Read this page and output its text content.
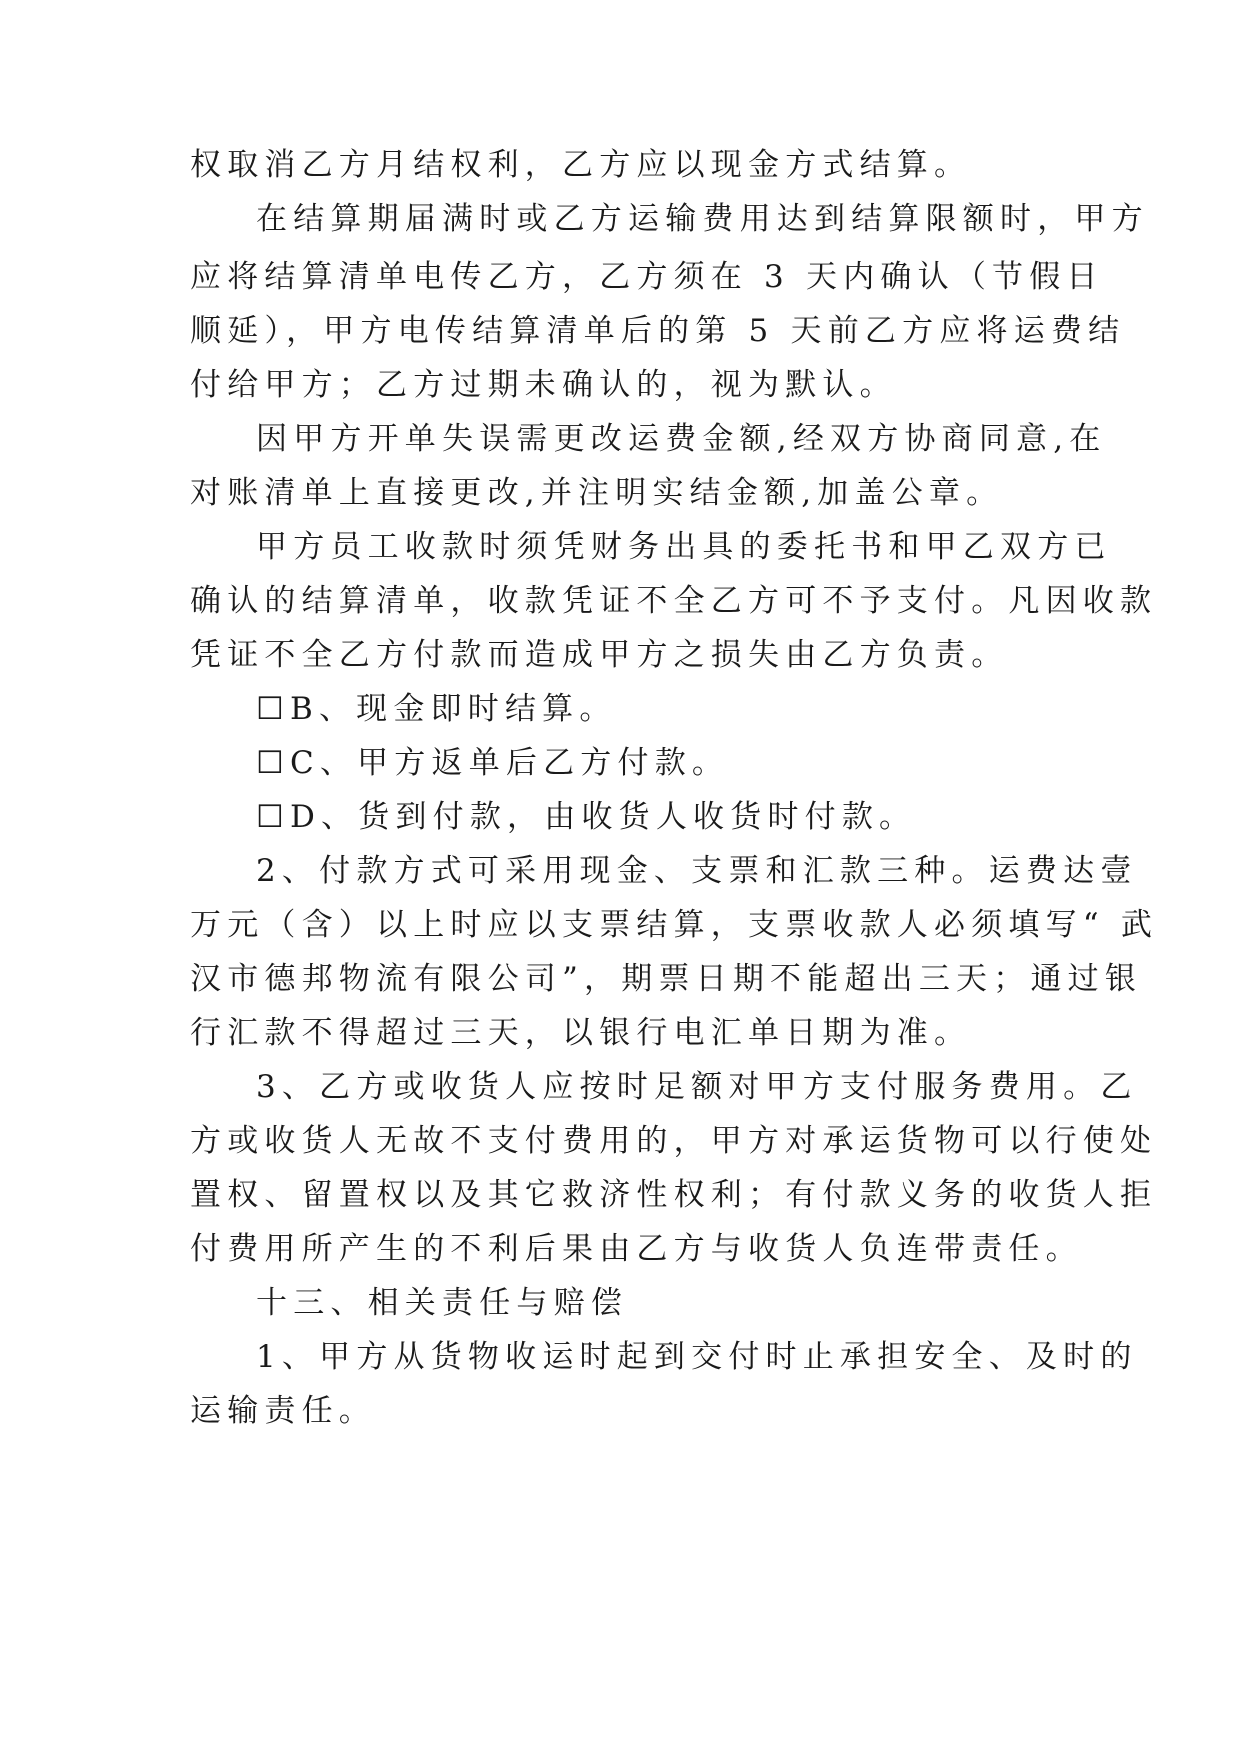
权取消乙方月结权利，乙方应以现金方式结算。
在结算期届满时或乙方运输费用达到结算限额时，甲方
应将结算清单电传乙方，乙方须在 3 天内确认（节假日
顺延），甲方电传结算清单后的第 5 天前乙方应将运费结
付给甲方；乙方过期未确认的，视为默认。
因甲方开单失误需更改运费金额,经双方协商同意,在
对账清单上直接更改,并注明实结金额,加盖公章。
甲方员工收款时须凭财务出具的委托书和甲乙双方已
确认的结算清单，收款凭证不全乙方可不予支付。凡因收款
凭证不全乙方付款而造成甲方之损失由乙方负责。
☐B、现金即时结算。
☐C、甲方返单后乙方付款。
☐D、货到付款，由收货人收货时付款。
2、付款方式可采用现金、支票和汇款三种。运费达壹
万元（含）以上时应以支票结算，支票收款人必须填写“ 武
汉市德邦物流有限公司”，期票日期不能超出三天；通过银
行汇款不得超过三天，以银行电汇单日期为准。
3、乙方或收货人应按时足额对甲方支付服务费用。乙
方或收货人无故不支付费用的，甲方对承运货物可以行使处
置权、留置权以及其它救济性权利；有付款义务的收货人拒
付费用所产生的不利后果由乙方与收货人负连带责任。
十三、相关责任与赔偿
1、甲方从货物收运时起到交付时止承担安全、及时的
运输责任。
